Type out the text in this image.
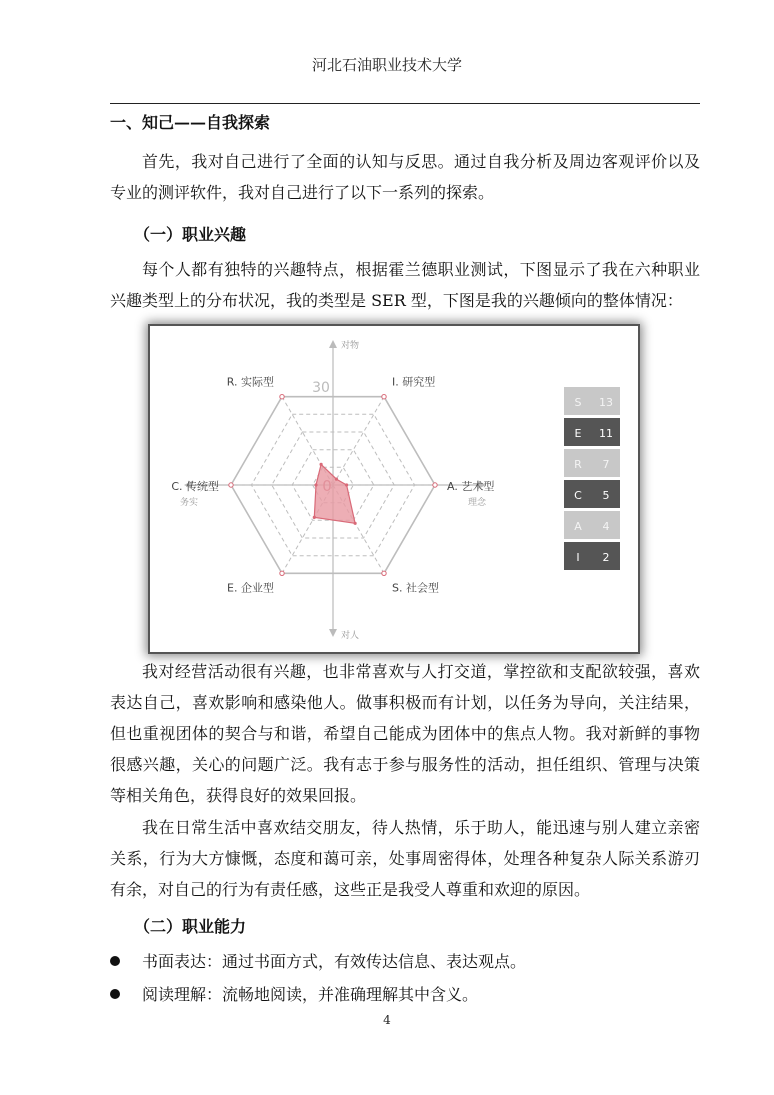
河北石油职业技术大学
一、知己——自我探索

首先，我对自己进行了全面的认知与反思。通过自我分析及周边客观评价以及专业的测评软件，我对自己进行了以下一系列的探索。

（一）职业兴趣

每个人都有独特的兴趣特点，根据霍兰德职业测试，下图显示了我在六种职业兴趣类型上的分布状况，我的类型是 SER 型，下图是我的兴趣倾向的整体情况：

30
R. 实际型	I. 研究型
A. 艺术型
S. 社会型
E. 企业型
C. 传统型
对物
对人
务实	理念
S 13
E 11
R 7
C 5
A 4
I 2

我对经营活动很有兴趣，也非常喜欢与人打交道，掌控欲和支配欲较强，喜欢表达自己，喜欢影响和感染他人。做事积极而有计划，以任务为导向，关注结果，但也重视团体的契合与和谐，希望自己能成为团体中的焦点人物。我对新鲜的事物很感兴趣，关心的问题广泛。我有志于参与服务性的活动，担任组织、管理与决策等相关角色，获得良好的效果回报。

我在日常生活中喜欢结交朋友，待人热情，乐于助人，能迅速与别人建立亲密关系，行为大方慷慨，态度和蔼可亲，处事周密得体，处理各种复杂人际关系游刃有余，对自己的行为有责任感，这些正是我受人尊重和欢迎的原因。

（二）职业能力
书面表达：通过书面方式，有效传达信息、表达观点。
阅读理解：流畅地阅读，并准确理解其中含义。
4
